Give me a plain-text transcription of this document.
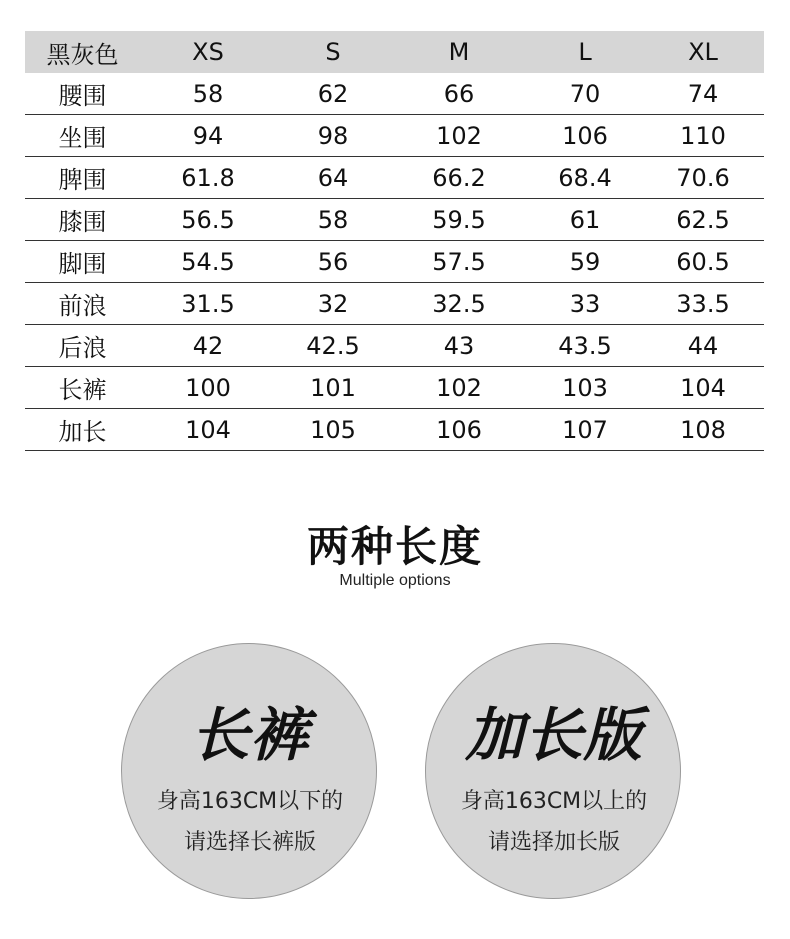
黑灰色	XS	S	M	L	XL
腰围	58	62	66	70	74
坐围	94	98	102	106	110
脾围	61.8	64	66.2	68.4	70.6
膝围	56.5	58	59.5	61	62.5
脚围	54.5	56	57.5	59	60.5
前浪	31.5	32	32.5	33	33.5
后浪	42	42.5	43	43.5	44
长裤	100	101	102	103	104
加长	104	105	106	107	108
两种长度
Multiple options
长裤
身高163CM以下的
请选择长裤版
加长版
身高163CM以上的
请选择加长版
